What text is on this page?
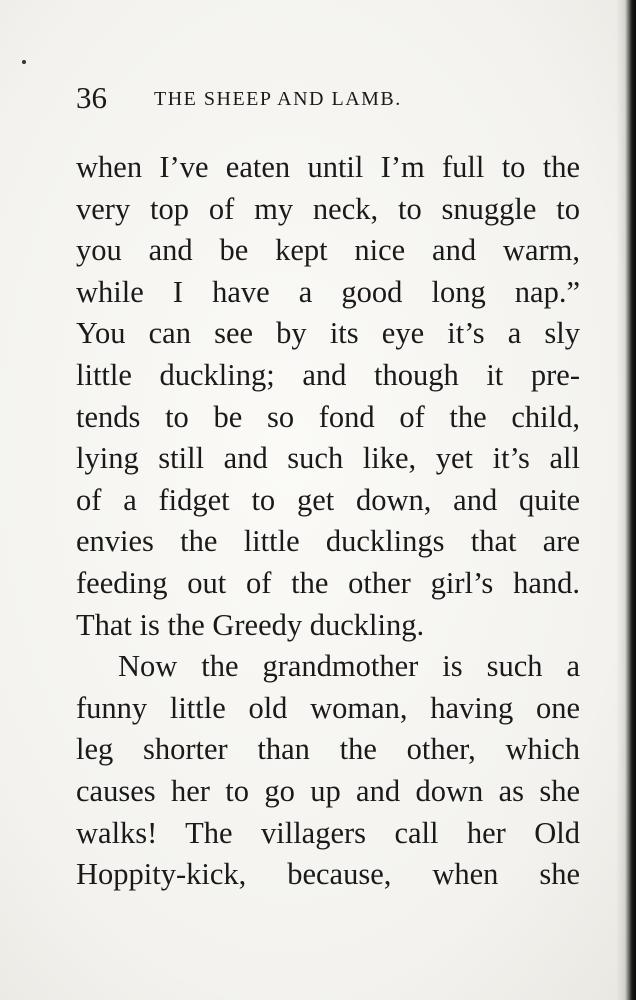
36 THE SHEEP AND LAMB.
when I’ve eaten until I’m full to the
very top of my neck, to snuggle to
you and be kept nice and warm,
while I have a good long nap.”
You can see by its eye it’s a sly
little duckling; and though it pre-
tends to be so fond of the child,
lying still and such like, yet it’s all
of a fidget to get down, and quite
envies the little ducklings that are
feeding out of the other girl’s hand.
That is the Greedy duckling.
Now the grandmother is such a
funny little old woman, having one
leg shorter than the other, which
causes her to go up and down as she
walks! The villagers call her Old
Hoppity-kick, because, when she
